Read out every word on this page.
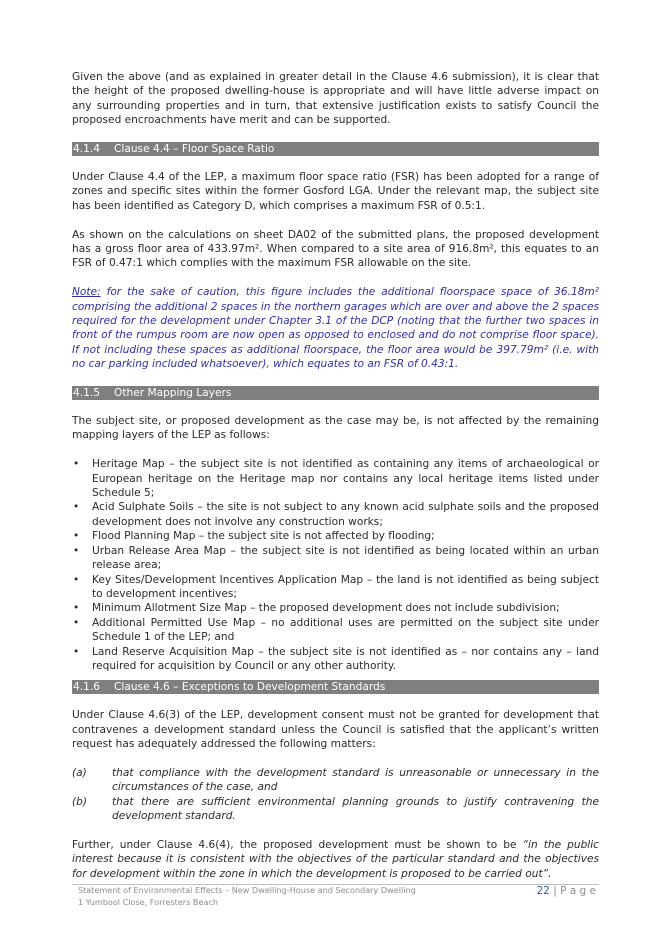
Given the above (and as explained in greater detail in the Clause 4.6 submission), it is clear that the height of the proposed dwelling-house is appropriate and will have little adverse impact on any surrounding properties and in turn, that extensive justification exists to satisfy Council the proposed encroachments have merit and can be supported.

4.1.4 Clause 4.4 – Floor Space Ratio

Under Clause 4.4 of the LEP, a maximum floor space ratio (FSR) has been adopted for a range of zones and specific sites within the former Gosford LGA. Under the relevant map, the subject site has been identified as Category D, which comprises a maximum FSR of 0.5:1.

As shown on the calculations on sheet DA02 of the submitted plans, the proposed development has a gross floor area of 433.97m². When compared to a site area of 916.8m², this equates to an FSR of 0.47:1 which complies with the maximum FSR allowable on the site.

Note: for the sake of caution, this figure includes the additional floorspace space of 36.18m² comprising the additional 2 spaces in the northern garages which are over and above the 2 spaces required for the development under Chapter 3.1 of the DCP (noting that the further two spaces in front of the rumpus room are now open as opposed to enclosed and do not comprise floor space). If not including these spaces as additional floorspace, the floor area would be 397.79m² (i.e. with no car parking included whatsoever), which equates to an FSR of 0.43:1.

4.1.5 Other Mapping Layers

The subject site, or proposed development as the case may be, is not affected by the remaining mapping layers of the LEP as follows:

• Heritage Map – the subject site is not identified as containing any items of archaeological or European heritage on the Heritage map nor contains any local heritage items listed under Schedule 5;
• Acid Sulphate Soils – the site is not subject to any known acid sulphate soils and the proposed development does not involve any construction works;
• Flood Planning Map – the subject site is not affected by flooding;
• Urban Release Area Map – the subject site is not identified as being located within an urban release area;
• Key Sites/Development Incentives Application Map – the land is not identified as being subject to development incentives;
• Minimum Allotment Size Map – the proposed development does not include subdivision;
• Additional Permitted Use Map – no additional uses are permitted on the subject site under Schedule 1 of the LEP; and
• Land Reserve Acquisition Map – the subject site is not identified as – nor contains any – land required for acquisition by Council or any other authority.
4.1.6 Clause 4.6 – Exceptions to Development Standards

Under Clause 4.6(3) of the LEP, development consent must not be granted for development that contravenes a development standard unless the Council is satisfied that the applicant’s written request has adequately addressed the following matters:

(a)	that compliance with the development standard is unreasonable or unnecessary in the circumstances of the case, and
(b)	that there are sufficient environmental planning grounds to justify contravening the development standard.

Further, under Clause 4.6(4), the proposed development must be shown to be “in the public interest because it is consistent with the objectives of the particular standard and the objectives for development within the zone in which the development is proposed to be carried out”.

Statement of Environmental Effects – New Dwelling-House and Secondary Dwelling
1 Yumbool Close, Forresters Beach
22 | P a g e
